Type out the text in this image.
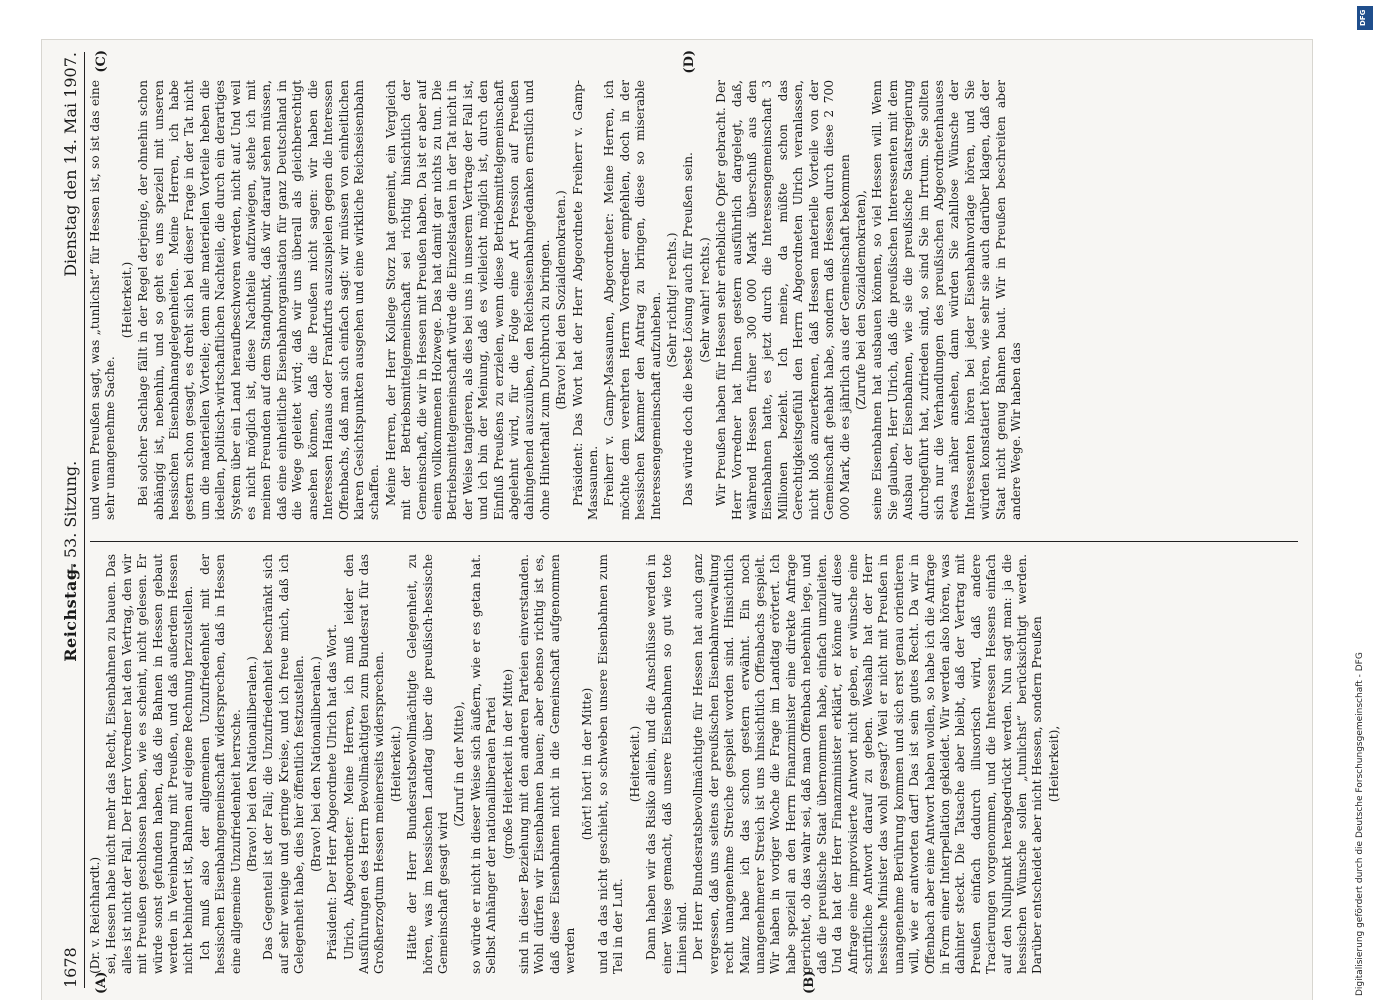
1678
Reichstag.
— 53. Sitzung.
Dienstag den 14. Mai 1907.
(A)	(B)
(C)	(D)

(Dr. v. Reichhardt.) sei, Hessen habe nicht mehr das Recht, Eisenbahnen zu bauen. Das alles ist nicht der Fall. Der Herr Vorredner hat den Vertrag, den wir mit Preußen geschlossen haben, wie es scheint, nicht gelesen. Er würde sonst gefunden haben, daß die Bahnen in Hessen gebaut werden in Vereinbarung mit Preußen, und daß außerdem Hessen nicht behindert ist, Bahnen auf eigene Rechnung herzustellen. Ich muß also der allgemeinen Unzufriedenheit mit der hessischen Eisenbahngemeinschaft widersprechen, daß in Hessen eine allgemeine Unzufriedenheit herrsche. (Bravo! bei den Nationalliberalen.) Das Gegenteil ist der Fall; die Unzufriedenheit beschränkt sich auf sehr wenige und geringe Kreise, und ich freue mich, daß ich Gelegenheit habe, dies hier öffentlich festzustellen. (Bravo! bei den Nationalliberalen.) Präsident: Der Herr Abgeordnete Ulrich hat das Wort. Ulrich, Abgeordneter: Meine Herren, ich muß leider den Ausführungen des Herrn Bevollmächtigten zum Bundesrat für das Großherzogtum Hessen meinerseits widersprechen. (Heiterkeit.) Hätte der Herr Bundesratsbevollmächtigte Gelegenheit, zu hören, was im hessischen Landtag über die preußisch-hessische Gemeinschaft gesagt wird

(Zuruf in der Mitte), so würde er nicht in dieser Weise sich äußern, wie er es getan hat. Selbst Anhänger der nationalliberalen Partei (große Heiterkeit in der Mitte) sind in dieser Beziehung mit den anderen Parteien einverstanden. Wohl dürfen wir Eisenbahnen bauen; aber ebenso richtig ist es, daß diese Eisenbahnen nicht in die Gemeinschaft aufgenommen werden

(hört! hört! in der Mitte) und da das nicht geschieht, so schweben unsere Eisenbahnen zum Teil in der Luft.

(Heiterkeit.) Dann haben wir das Risiko allein, und die Anschlüsse werden in einer Weise gemacht, daß unsere Eisenbahnen so gut wie tote Linien sind. Der Herr Bundesratsbevollmächtigte für Hessen hat auch ganz vergessen, daß uns seitens der preußischen Eisenbahnverwaltung recht unangenehme Streiche gespielt worden sind. Hinsichtlich Mainz habe ich das schon gestern erwähnt. Ein noch unangenehmerer Streich ist uns hinsichtlich Offenbachs gespielt. Wir haben in voriger Woche die Frage im Landtag erörtert. Ich habe speziell an den Herrn Finanzminister eine direkte Anfrage gerichtet, ob das wahr sei, daß man Offenbach nebenhin lege, und daß die preußische Staat übernommen habe, einfach umzuleiten. Und da hat der Herr Finanzminister erklärt, er könne auf diese Anfrage eine improvisierte Antwort nicht geben, er wünsche eine schriftliche Antwort darauf zu geben. Weshalb hat der Herr hessische Minister das wohl gesagt? Weil er nicht mit Preußen in unangenehme Berührung kommen und sich erst genau orientieren will, wie er antworten darf! Das ist sein gutes Recht. Da wir in Offenbach aber eine Antwort haben wollen, so habe ich die Anfrage in Form einer Interpellation gekleidet. Wir werden also hören, was dahinter steckt. Die Tatsache aber bleibt, daß der Vertrag mit Preußen einfach dadurch illusorisch wird, daß andere Tracierungen vorgenommen, und die Interessen Hessens einfach auf den Nullpunkt herabgedrückt werden. Nun sagt man: ja die hessischen Wünsche sollen „tunlichst“ berücksichtigt werden. Darüber entscheidet aber nicht Hessen, sondern Preußen (Heiterkeit),

und wenn Preußen sagt, was „tunlichst“ für Hessen ist, so ist das eine sehr unangenehme Sache.

(Heiterkeit.) Bei solcher Sachlage fällt in der Regel derjenige, der ohnehin schon abhängig ist, nebenhin, und so geht es uns speziell mit unseren hessischen Eisenbahnangelegenheiten. Meine Herren, ich habe gestern schon gesagt, es dreht sich bei dieser Frage in der Tat nicht um die materiellen Vorteile; denn alle materiellen Vorteile heben die ideellen, politisch-wirtschaftlichen Nachteile, die durch ein derartiges System über ein Land heraufbeschworen werden, nicht auf. Und weil es nicht möglich ist, diese Nachteile aufzuwiegen, stehe ich mit meinen Freunden auf dem Standpunkt, daß wir darauf sehen müssen, daß eine einheitliche Eisenbahnorganisation für ganz Deutschland in die Wege geleitet wird; daß wir uns überall als gleichberechtigt ansehen können, daß die Preußen nicht sagen: wir haben die Interessen Hanaus oder Frankfurts auszuspielen gegen die Interessen Offenbachs, daß man sich einfach sagt: wir müssen von einheitlichen klaren Gesichtspunkten ausgehen und eine wirkliche Reichseisenbahn schaffen. Meine Herren, der Herr Kollege Storz hat gemeint, ein Vergleich mit der Betriebsmittelgemeinschaft sei richtig hinsichtlich der Gemeinschaft, die wir in Hessen mit Preußen haben. Da ist er aber auf einem vollkommenen Holzwege. Das hat damit gar nichts zu tun. Die Betriebsmittelgemeinschaft würde die Einzelstaaten in der Tat nicht in der Weise tangieren, als dies bei uns in unserem Vertrage der Fall ist, und ich bin der Meinung, daß es vielleicht möglich ist, durch den Einfluß Preußens zu erzielen, wenn diese Betriebsmittelgemeinschaft abgelehnt wird, für die Folge eine Art Pression auf Preußen dahingehend auszuüben, den Reichseisenbahngedanken ernstlich und ohne Hinterhalt zum Durchbruch zu bringen. (Bravo! bei den Sozialdemokraten.) Präsident: Das Wort hat der Herr Abgeordnete Freiherr v. Gamp-Massaunen. Freiherr v. Gamp-Massaunen, Abgeordneter: Meine Herren, ich möchte dem verehrten Herrn Vorredner empfehlen, doch in der hessischen Kammer den Antrag zu bringen, diese so miserable Interessengemeinschaft aufzuheben. (Sehr richtig! rechts.) Das würde doch die beste Lösung auch für Preußen sein. (Sehr wahr! rechts.) Wir Preußen haben für Hessen sehr erhebliche Opfer gebracht. Der Herr Vorredner hat Ihnen gestern ausführlich dargelegt, daß, während Hessen früher 300 000 Mark überschuß aus den Eisenbahnen hatte, es jetzt durch die Interessengemeinschaft 3 Millionen bezieht. Ich meine, da müßte schon das Gerechtigkeitsgefühl den Herrn Abgeordneten Ulrich veranlassen, nicht bloß anzuerkennen, daß Hessen materielle Vorteile von der Gemeinschaft gehabt habe, sondern daß Hessen durch diese 2 700 000 Mark, die es jährlich aus der Gemeinschaft bekommen (Zurufe bei den Sozialdemokraten), seine Eisenbahnen hat ausbauen können, so viel Hessen will. Wenn Sie glauben, Herr Ulrich, daß die preußischen Interessenten mit dem Ausbau der Eisenbahnen, wie sie die preußische Staatsregierung durchgeführt hat, zufrieden sind, so sind Sie im Irrtum. Sie sollten sich nur die Verhandlungen des preußischen Abgeordnetenhauses etwas näher ansehen, dann würden Sie zahllose Wünsche der Interessenten hören bei jeder Eisenbahnvorlage hören, und Sie würden konstatiert hören, wie sehr sie auch darüber klagen, daß der Staat nicht genug Bahnen baut. Wir in Preußen beschreiten aber andere Wege. Wir haben das

DFG
Digitalisierung gefördert durch die Deutsche Forschungsgemeinschaft - DFG
